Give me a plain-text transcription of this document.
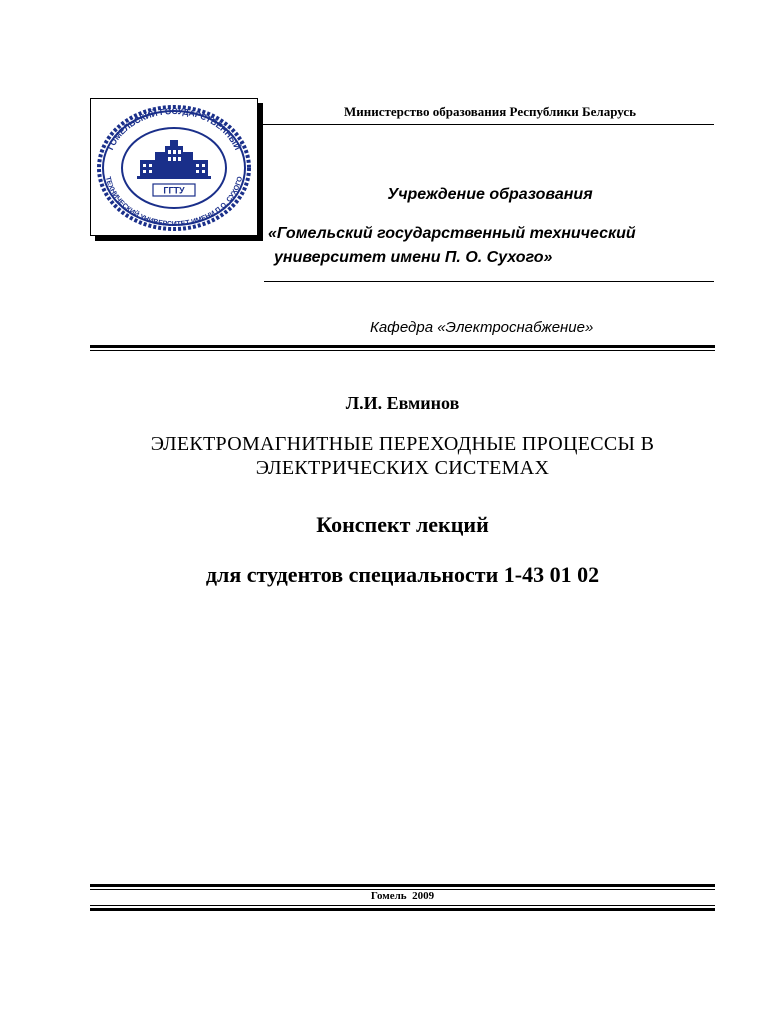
ГОМЕЛЬСКИЙ ГОСУДАРСТВЕННЫЙ
ТЕХНИЧЕСКИЙ УНИВЕРСИТЕТ ИМЕНИ П.О. СУХОГО
ГГТУ
Министерство образования Республики Беларусь
Учреждение образования
«Гомельский государственный технический
университет имени П. О. Сухого»
Кафедра «Электроснабжение»
Л.И. Евминов
ЭЛЕКТРОМАГНИТНЫЕ ПЕРЕХОДНЫЕ ПРОЦЕССЫ В
ЭЛЕКТРИЧЕСКИХ СИСТЕМАХ
Конспект лекций
для студентов специальности 1-43 01 02
Гомель  2009
